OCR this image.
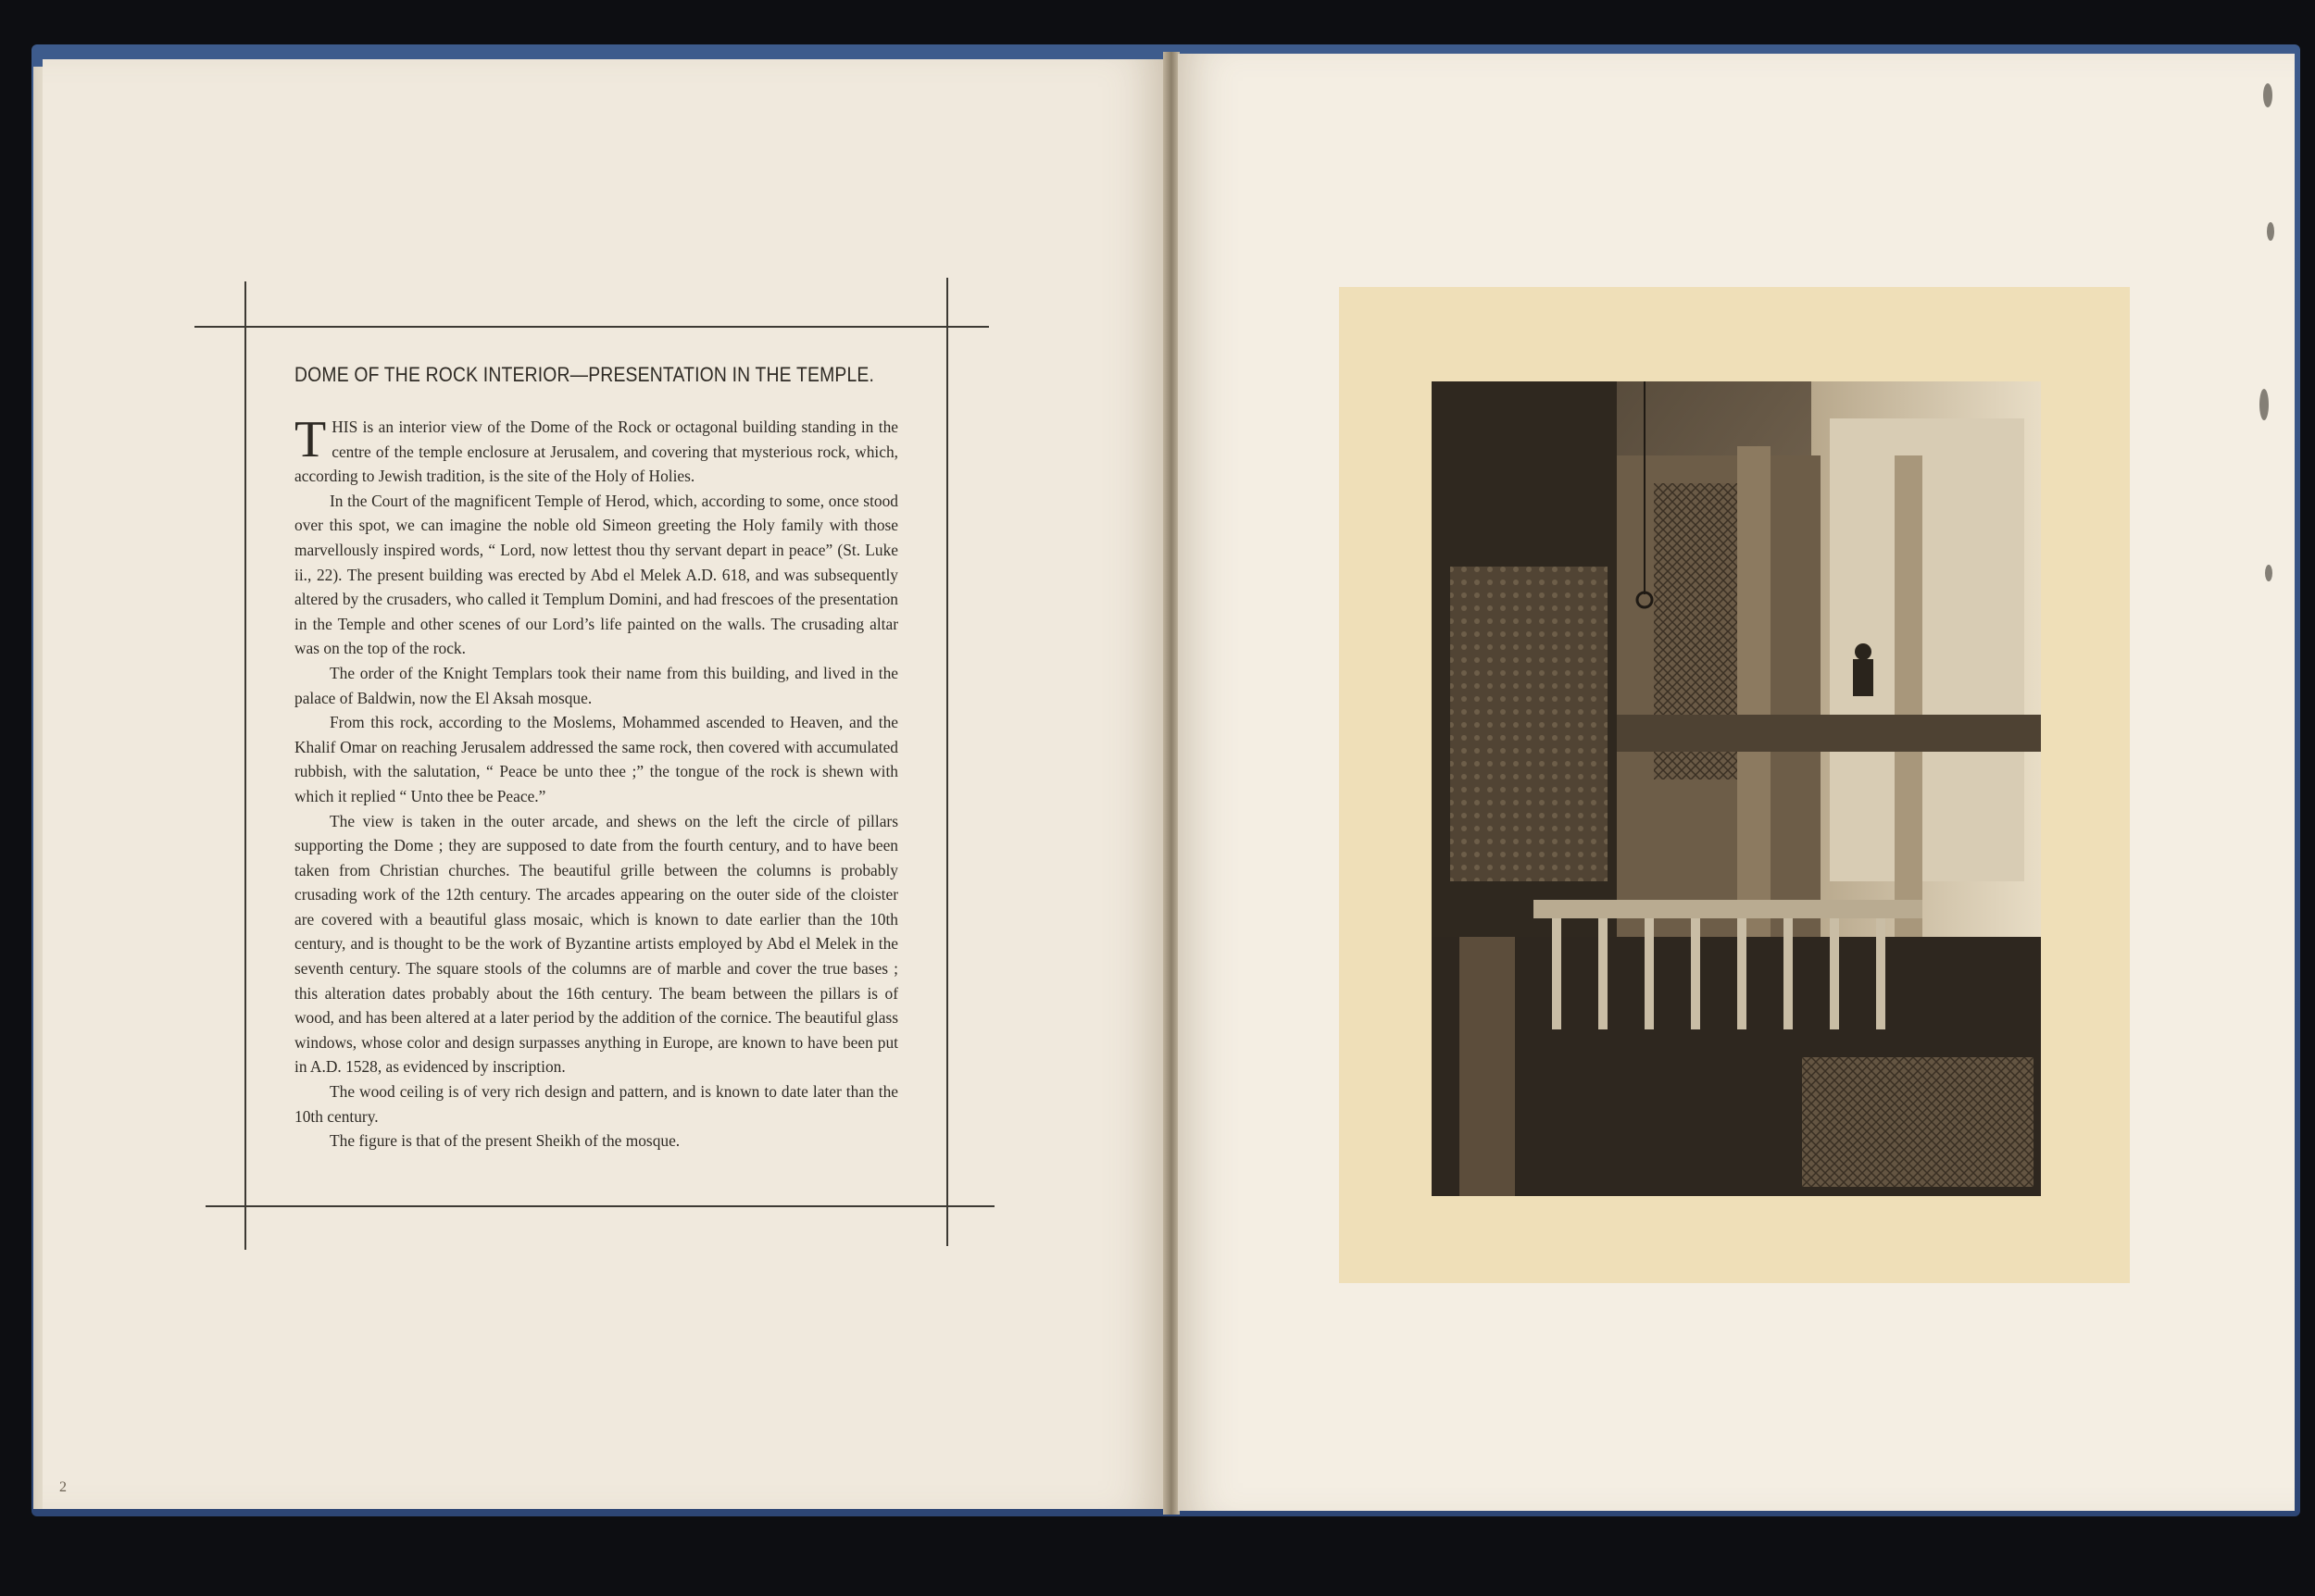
DOME OF THE ROCK INTERIOR—PRESENTATION IN THE TEMPLE.

THIS is an interior view of the Dome of the Rock or octagonal building standing in the centre of the temple enclosure at Jerusalem, and covering that mysterious rock, which, according to Jewish tradition, is the site of the Holy of Holies.

In the Court of the magnificent Temple of Herod, which, according to some, once stood over this spot, we can imagine the noble old Simeon greeting the Holy family with those marvellously inspired words, “ Lord, now lettest thou thy servant depart in peace” (St. Luke ii., 22). The present building was erected by Abd el Melek A.D. 618, and was subsequently altered by the crusaders, who called it Templum Domini, and had frescoes of the presentation in the Temple and other scenes of our Lord’s life painted on the walls. The crusading altar was on the top of the rock.

The order of the Knight Templars took their name from this building, and lived in the palace of Baldwin, now the El Aksah mosque.

From this rock, according to the Moslems, Mohammed ascended to Heaven, and the Khalif Omar on reaching Jerusalem addressed the same rock, then covered with accumulated rubbish, with the salutation, “ Peace be unto thee ;” the tongue of the rock is shewn with which it replied “ Unto thee be Peace.”

The view is taken in the outer arcade, and shews on the left the circle of pillars supporting the Dome ; they are supposed to date from the fourth century, and to have been taken from Christian churches. The beautiful grille between the columns is probably crusading work of the 12th century. The arcades appearing on the outer side of the cloister are covered with a beautiful glass mosaic, which is known to date earlier than the 10th century, and is thought to be the work of Byzantine artists employed by Abd el Melek in the seventh century. The square stools of the columns are of marble and cover the true bases ; this alteration dates probably about the 16th century. The beam between the pillars is of wood, and has been altered at a later period by the addition of the cornice. The beautiful glass windows, whose color and design surpasses anything in Europe, are known to have been put in A.D. 1528, as evidenced by inscription.

The wood ceiling is of very rich design and pattern, and is known to date later than the 10th century.

The figure is that of the present Sheikh of the mosque.

2
